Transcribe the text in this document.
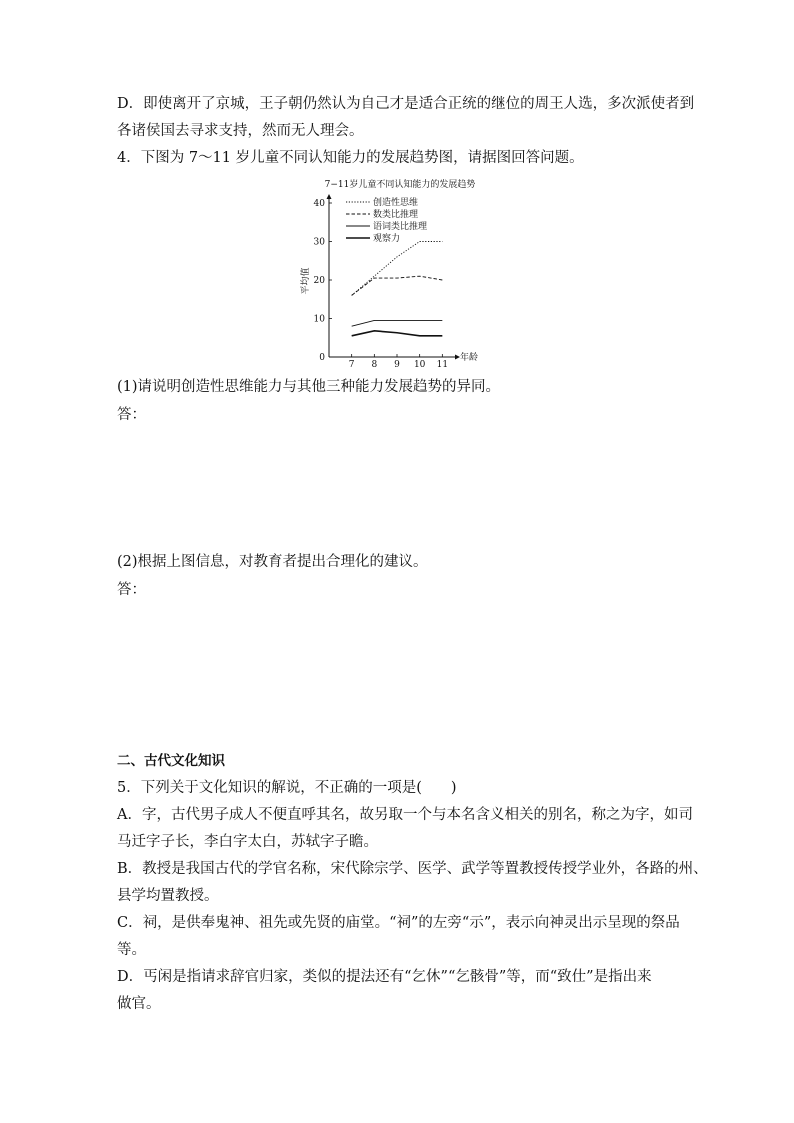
D．即使离开了京城，王子朝仍然认为自己才是适合正统的继位的周王人选，多次派使者到
各诸侯国去寻求支持，然而无人理会。
4．下图为 7～11 岁儿童不同认知能力的发展趋势图，请据图回答问题。
7−11岁儿童不同认知能力的发展趋势
平均值
年龄
0
10
20
30
40
7 8 9 10 11
创造性思维
数类比推理
语词类比推理
观察力
(1)请说明创造性思维能力与其他三种能力发展趋势的异同。
答：
(2)根据上图信息，对教育者提出合理化的建议。
答：
二、古代文化知识
5．下列关于文化知识的解说，不正确的一项是(　　)
A．字，古代男子成人不便直呼其名，故另取一个与本名含义相关的别名，称之为字，如司
马迁字子长，李白字太白，苏轼字子瞻。
B．教授是我国古代的学官名称，宋代除宗学、医学、武学等置教授传授学业外，各路的州、
县学均置教授。
C．祠，是供奉鬼神、祖先或先贤的庙堂。“祠”的左旁“示”，表示向神灵出示呈现的祭品
等。
D．丐闲是指请求辞官归家，类似的提法还有“乞休”“乞骸骨”等，而“致仕”是指出来
做官。
